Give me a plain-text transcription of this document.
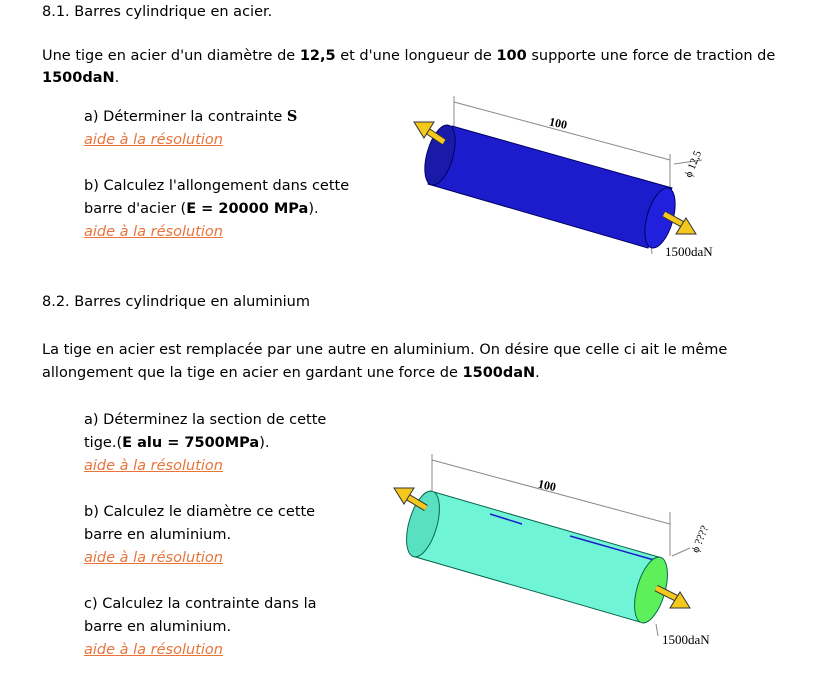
8.1. Barres cylindrique en acier.
Une tige en acier d'un diamètre de 12,5 et d'une longueur de 100 supporte une force de traction de
1500daN.
a) Déterminer la contrainte S
aide à la résolution
b) Calculez l'allongement dans cette
barre d'acier (E = 20000 MPa).
aide à la résolution
100
ϕ 12,5
1500daN
8.2. Barres cylindrique en aluminium
La tige en acier est remplacée par une autre en aluminium. On désire que celle ci ait le même
allongement que la tige en acier en gardant une force de 1500daN.
a) Déterminez la section de cette
tige.(E alu = 7500MPa).
aide à la résolution
b) Calculez le diamètre ce cette
barre en aluminium.
aide à la résolution
c) Calculez la contrainte dans la
barre en aluminium.
aide à la résolution
100
ϕ ????
1500daN
